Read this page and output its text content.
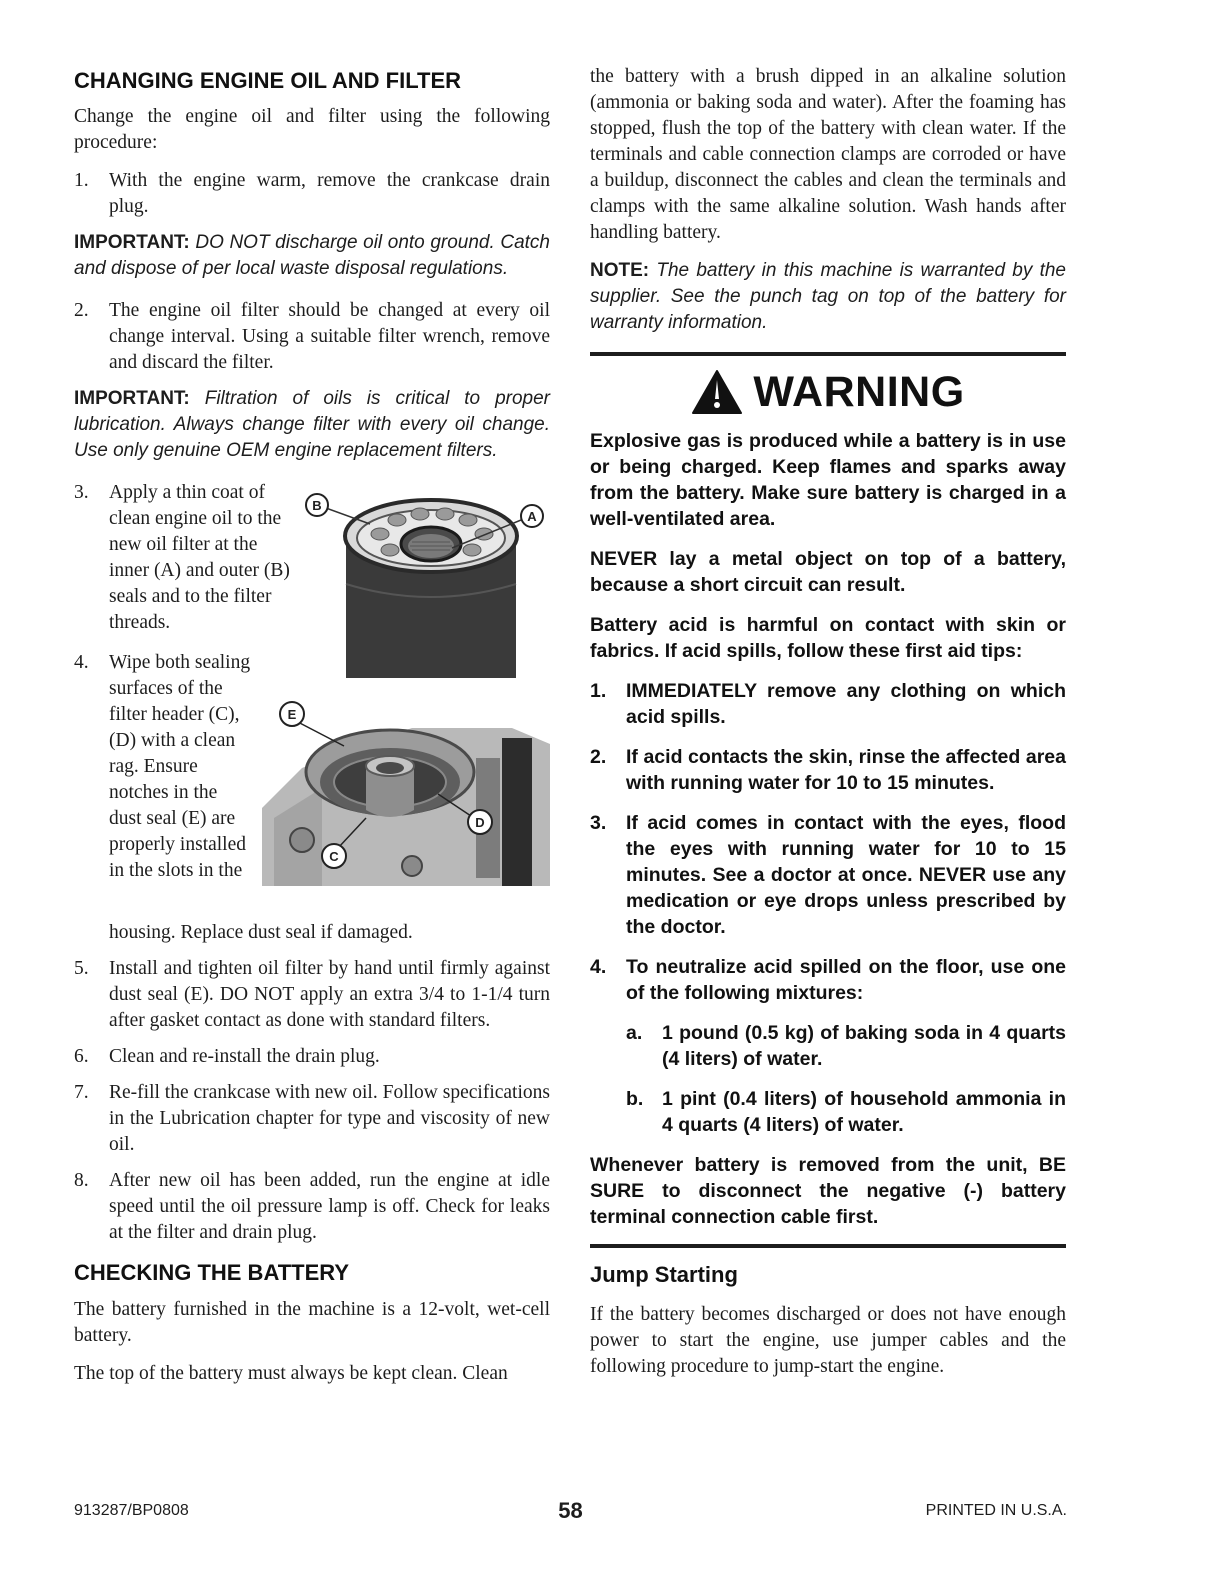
CHANGING ENGINE OIL AND FILTER

Change the engine oil and filter using the following procedure:

1.	With the engine warm, remove the crankcase drain plug.

IMPORTANT: DO NOT discharge oil onto ground. Catch and dispose of per local waste disposal regulations.

2.	The engine oil filter should be changed at every oil change interval. Using a suitable filter wrench, remove and discard the filter.

IMPORTANT: Filtration of oils is critical to proper lubrication. Always change filter with every oil change. Use only genuine OEM engine replacement filters.

3.	Apply a thin coat of clean engine oil to the new oil filter at the inner (A) and outer (B) seals and to the filter threads.
B
A
4.	Wipe both sealing surfaces of the filter header (C), (D) with a clean rag. Ensure notches in the dust seal (E) are properly installed in the slots in the
E
D
C
housing. Replace dust seal if damaged.
5.	Install and tighten oil filter by hand until firmly against dust seal (E). DO NOT apply an extra 3/4 to 1-1/4 turn after gasket contact as done with standard filters.
6.	Clean and re-install the drain plug.
7.	Re-fill the crankcase with new oil. Follow specifications in the Lubrication chapter for type and viscosity of new oil.
8.	After new oil has been added, run the engine at idle speed until the oil pressure lamp is off. Check for leaks at the filter and drain plug.
CHECKING THE BATTERY

The battery furnished in the machine is a 12-volt, wet-cell battery.

The top of the battery must always be kept clean. Clean

the battery with a brush dipped in an alkaline solution (ammonia or baking soda and water). After the foaming has stopped, flush the top of the battery with clean water. If the terminals and cable connection clamps are corroded or have a buildup, disconnect the cables and clean the terminals and clamps with the same alkaline solution. Wash hands after handling battery.

NOTE: The battery in this machine is warranted by the supplier. See the punch tag on top of the battery for warranty information.

WARNING

Explosive gas is produced while a battery is in use or being charged. Keep flames and sparks away from the battery. Make sure battery is charged in a well-ventilated area.

NEVER lay a metal object on top of a battery, because a short circuit can result.

Battery acid is harmful on contact with skin or fabrics. If acid spills, follow these first aid tips:

1.	IMMEDIATELY remove any clothing on which acid spills.
2.	If acid contacts the skin, rinse the affected area with running water for 10 to 15 minutes.
3.	If acid comes in contact with the eyes, flood the eyes with running water for 10 to 15 minutes. See a doctor at once. NEVER use any medication or eye drops unless prescribed by the doctor.
4.	To neutralize acid spilled on the floor, use one of the following mixtures:
a.	1 pound (0.5 kg) of baking soda in 4 quarts (4 liters) of water.
b. 1 pint (0.4 liters) of household ammonia in 4 quarts (4 liters) of water.

Whenever battery is removed from the unit, BE SURE to disconnect the negative (-) battery terminal connection cable first.

Jump Starting

If the battery becomes discharged or does not have enough power to start the engine, use jumper cables and the following procedure to jump-start the engine.

913287/BP0808	58	PRINTED IN U.S.A.
